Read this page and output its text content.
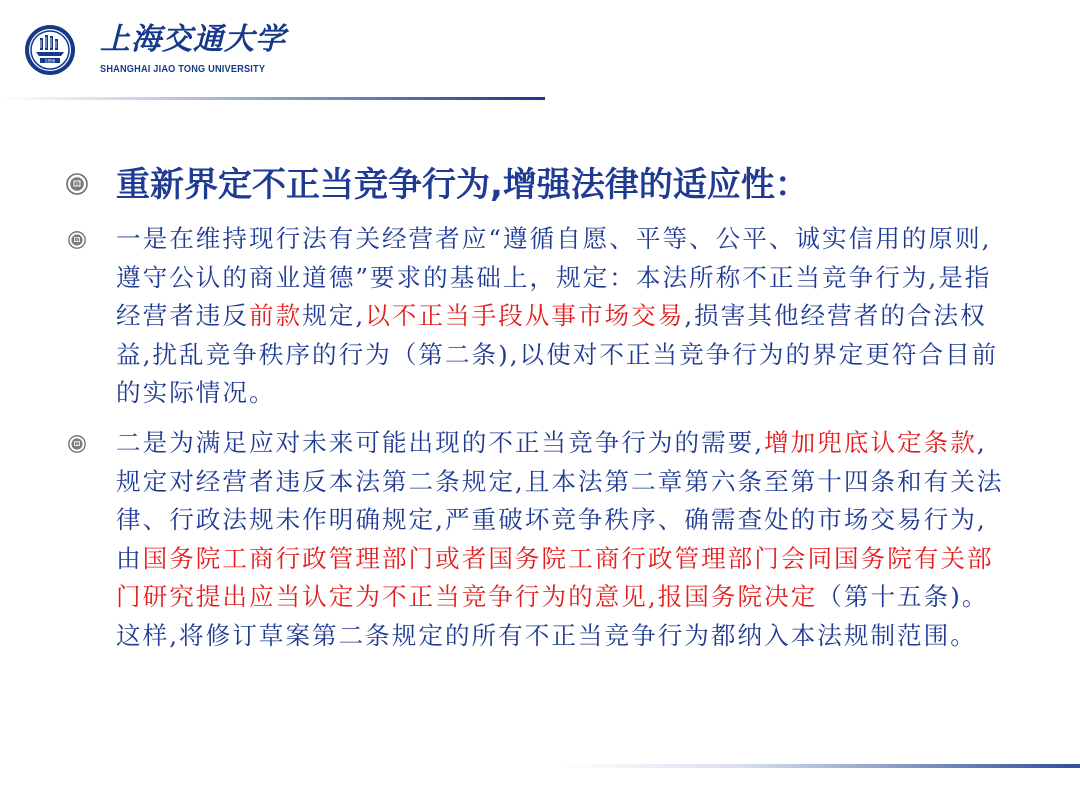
1896
上海交通大学
SHANGHAI JIAO TONG UNIVERSITY
重新界定不正当竞争行为,增强法律的适应性：
一是在维持现行法有关经营者应“遵循自愿、平等、公平、诚实信用的原则,遵守公认的商业道德”要求的基础上，规定：本法所称不正当竞争行为,是指经营者违反前款规定,以不正当手段从事市场交易,损害其他经营者的合法权益,扰乱竞争秩序的行为（第二条),以使对不正当竞争行为的界定更符合目前的实际情况。
二是为满足应对未来可能出现的不正当竞争行为的需要,增加兜底认定条款,规定对经营者违反本法第二条规定,且本法第二章第六条至第十四条和有关法律、行政法规未作明确规定,严重破坏竞争秩序、确需查处的市场交易行为,由国务院工商行政管理部门或者国务院工商行政管理部门会同国务院有关部门研究提出应当认定为不正当竞争行为的意见,报国务院决定（第十五条)。这样,将修订草案第二条规定的所有不正当竞争行为都纳入本法规制范围。
